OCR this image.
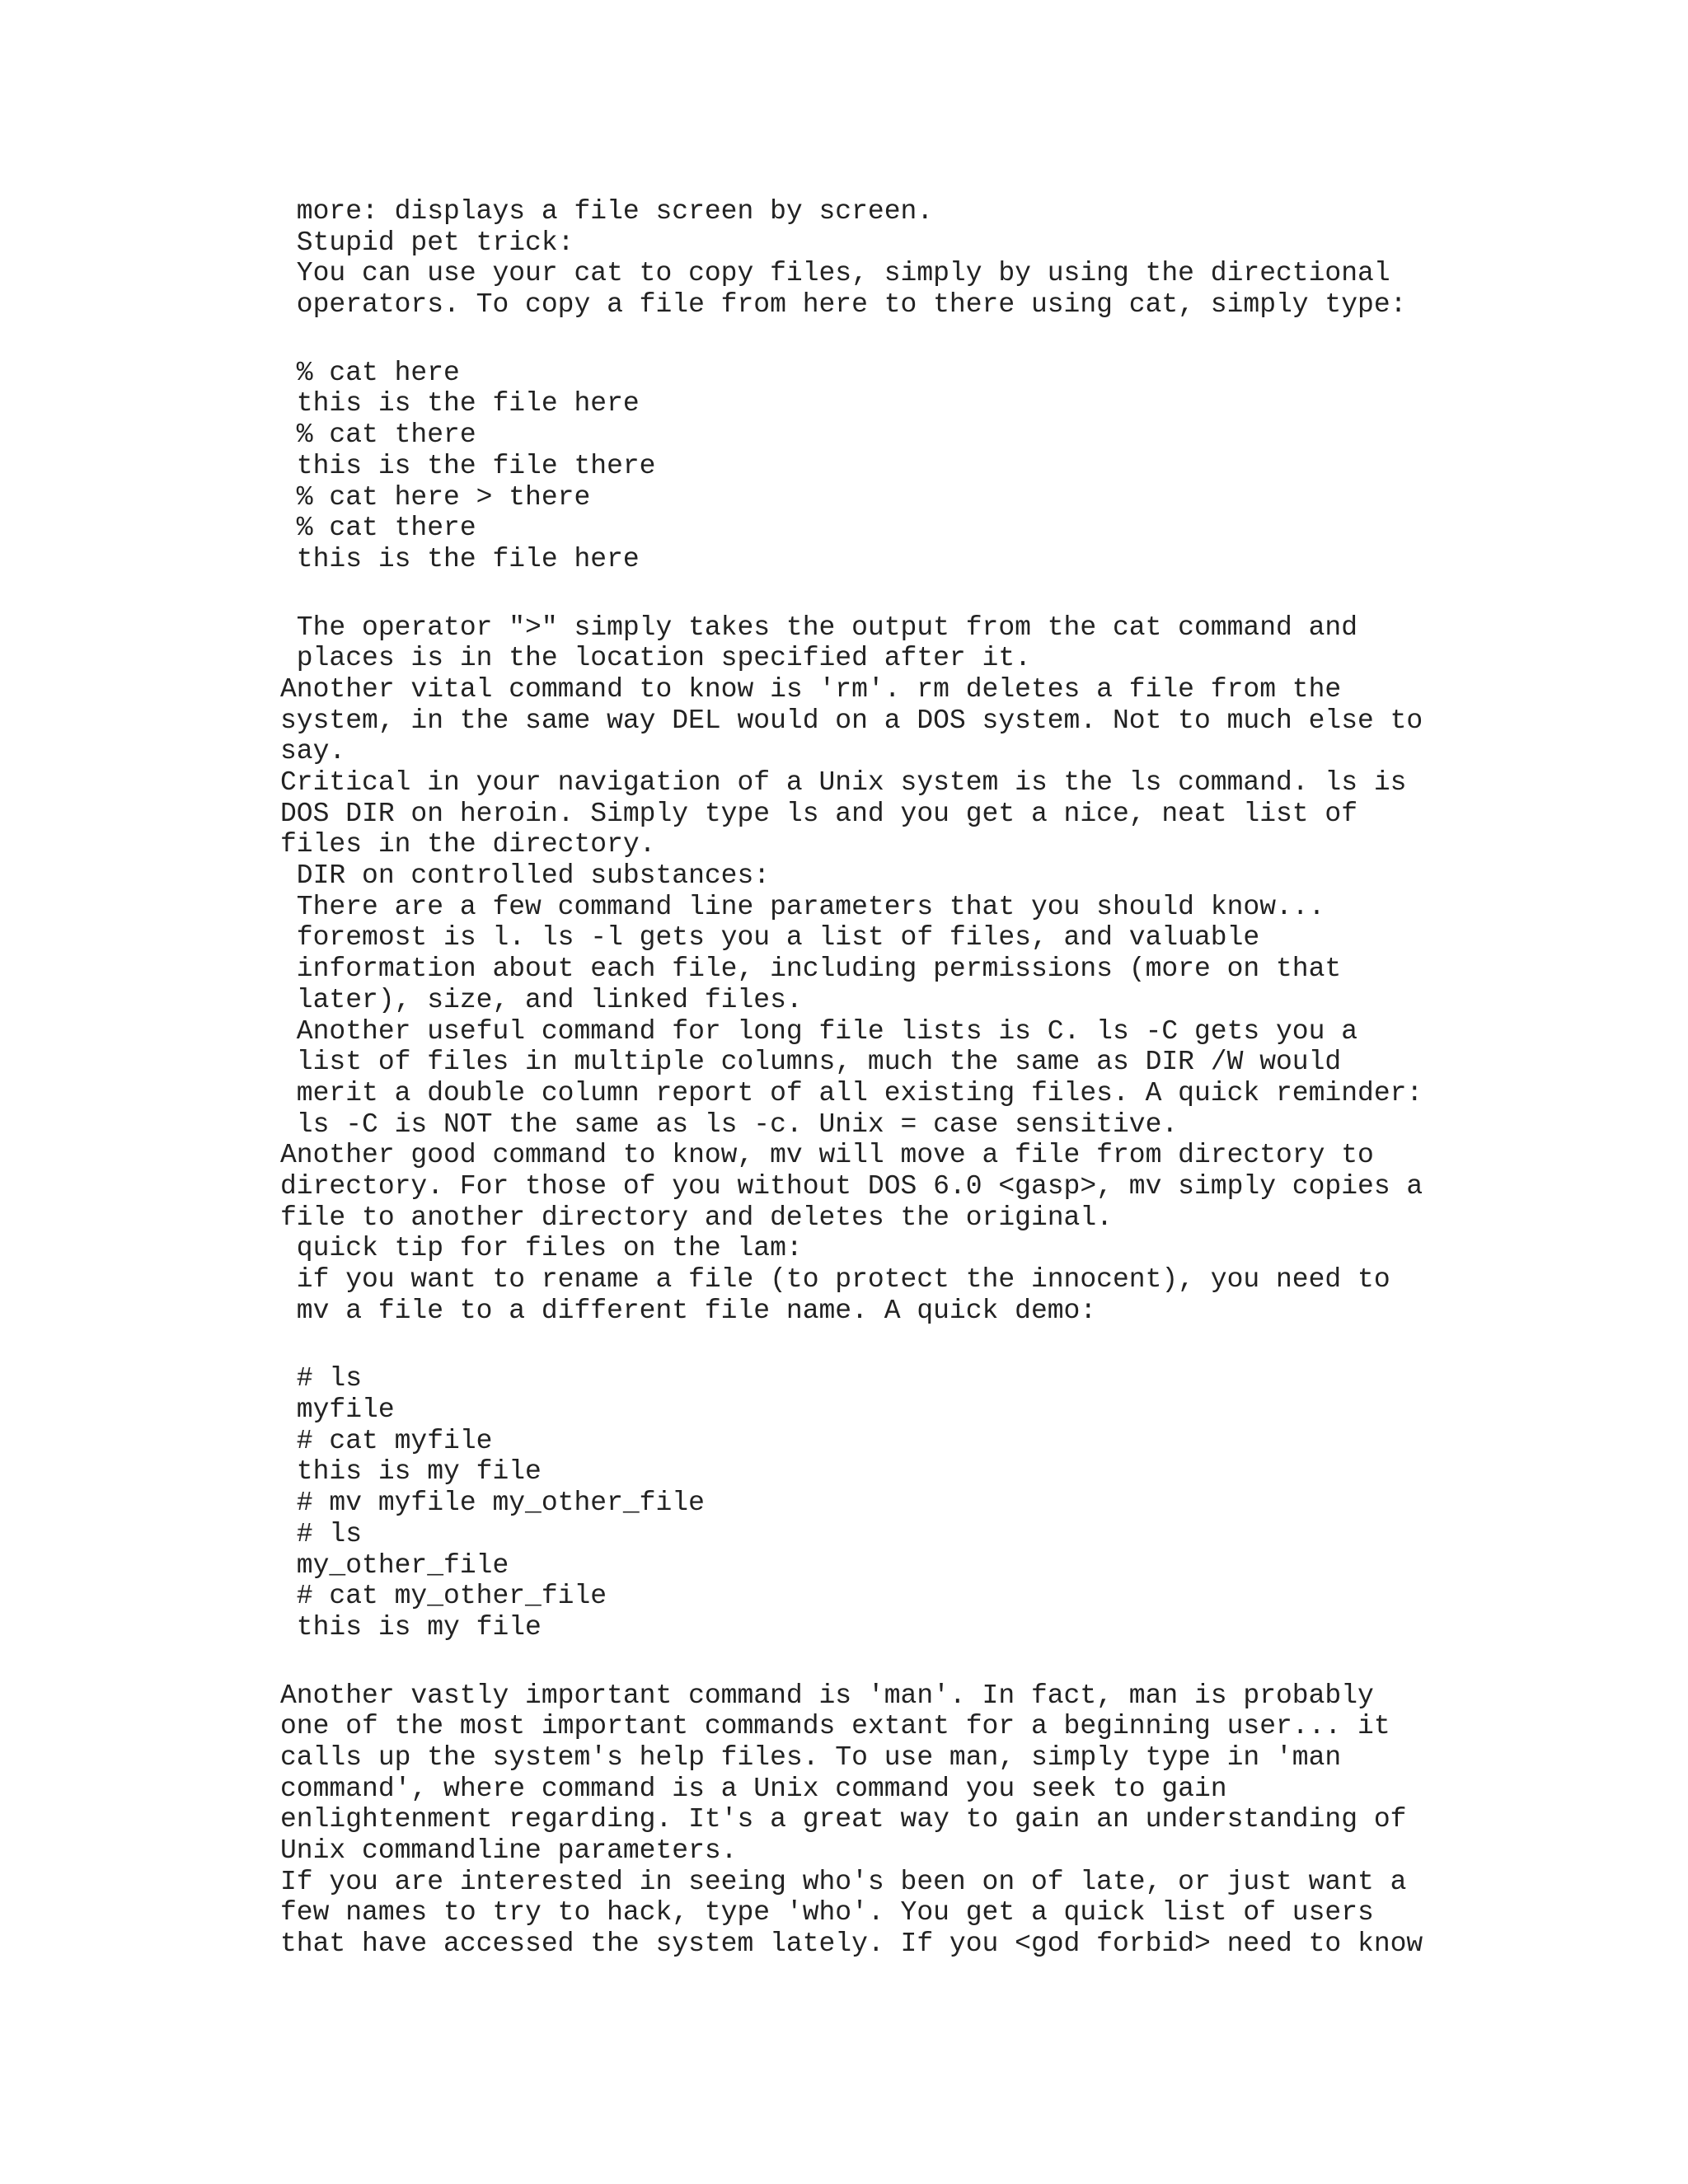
more: displays a file screen by screen.
Stupid pet trick:
You can use your cat to copy files, simply by using the directional
operators. To copy a file from here to there using cat, simply type:
% cat here
this is the file here
% cat there
this is the file there
% cat here > there
% cat there
this is the file here
The operator ">" simply takes the output from the cat command and
places is in the location specified after it.
Another vital command to know is 'rm'. rm deletes a file from the
system, in the same way DEL would on a DOS system. Not to much else to
say.
Critical in your navigation of a Unix system is the ls command. ls is
DOS DIR on heroin. Simply type ls and you get a nice, neat list of
files in the directory.
DIR on controlled substances:
There are a few command line parameters that you should know...
foremost is l. ls -l gets you a list of files, and valuable
information about each file, including permissions (more on that
later), size, and linked files.
Another useful command for long file lists is C. ls -C gets you a
list of files in multiple columns, much the same as DIR /W would
merit a double column report of all existing files. A quick reminder:
ls -C is NOT the same as ls -c. Unix = case sensitive.
Another good command to know, mv will move a file from directory to
directory. For those of you without DOS 6.0 <gasp>, mv simply copies a
file to another directory and deletes the original.
quick tip for files on the lam:
if you want to rename a file (to protect the innocent), you need to
mv a file to a different file name. A quick demo:
# ls
myfile
# cat myfile
this is my file
# mv myfile my_other_file
# ls
my_other_file
# cat my_other_file
this is my file
Another vastly important command is 'man'. In fact, man is probably
one of the most important commands extant for a beginning user... it
calls up the system's help files. To use man, simply type in 'man
command', where command is a Unix command you seek to gain
enlightenment regarding. It's a great way to gain an understanding of
Unix commandline parameters.
If you are interested in seeing who's been on of late, or just want a
few names to try to hack, type 'who'. You get a quick list of users
that have accessed the system lately. If you <god forbid> need to know
